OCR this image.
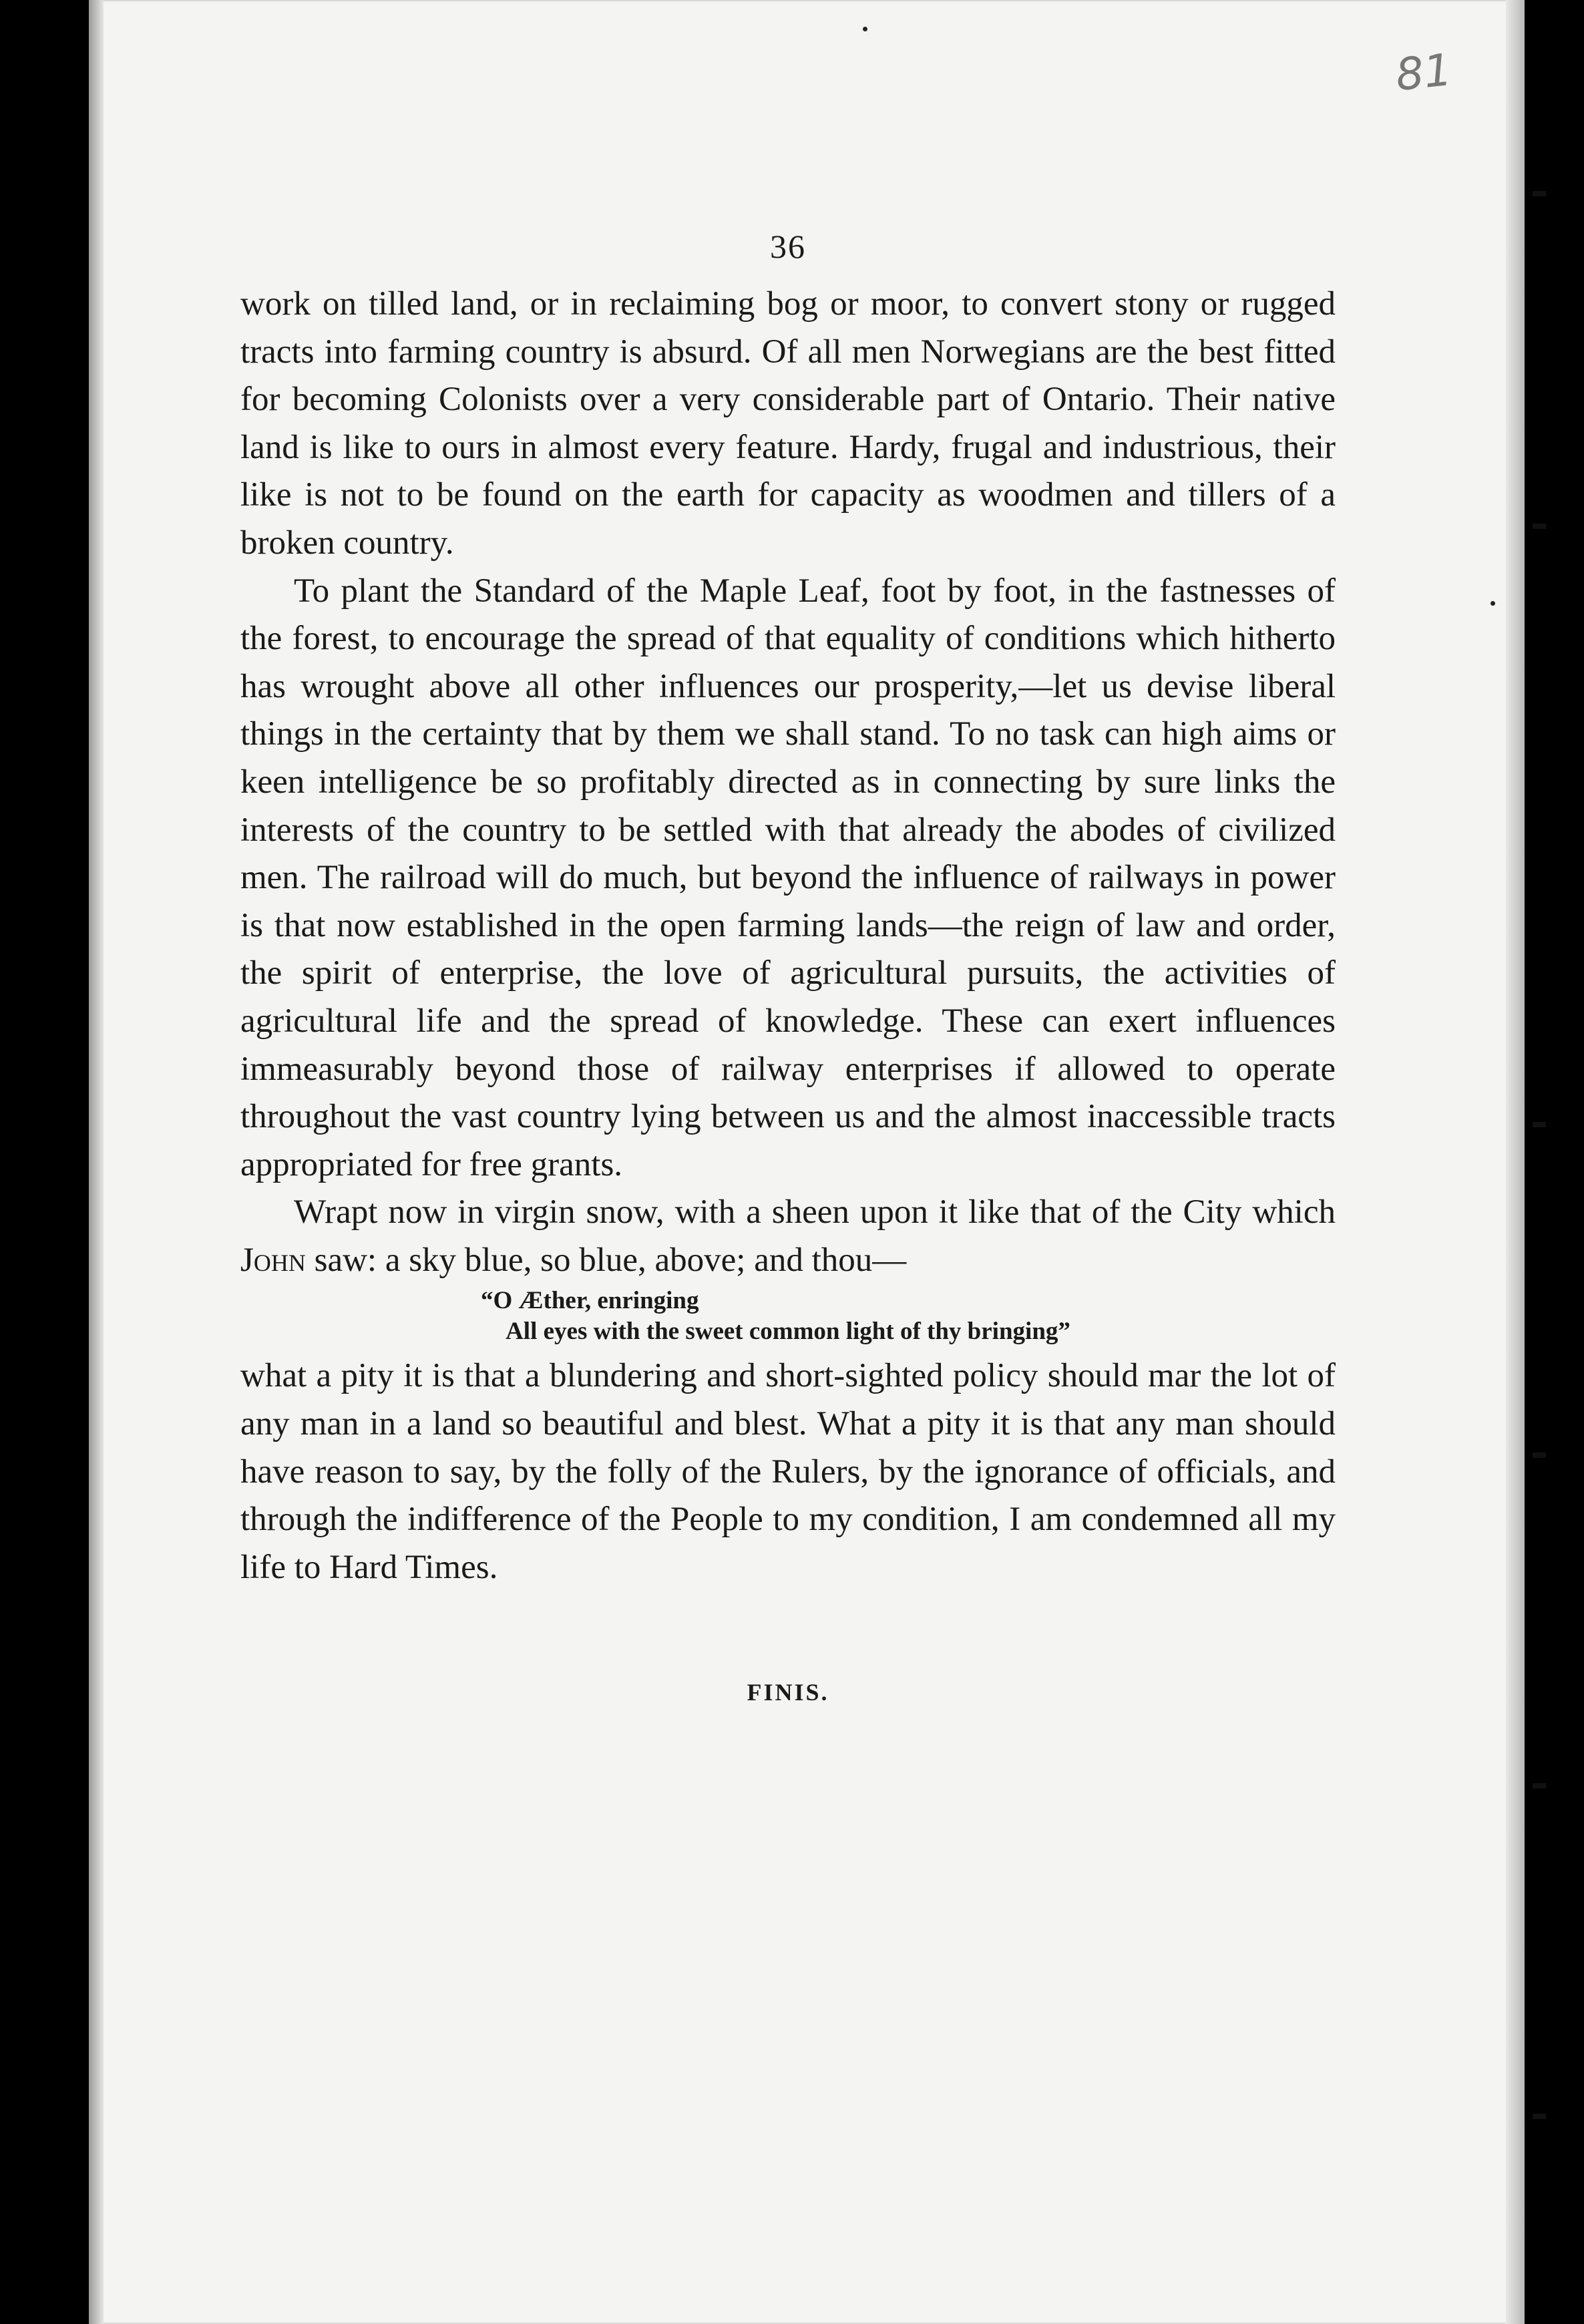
81
36

work on tilled land, or in reclaiming bog or moor, to convert stony or rugged tracts into farming country is absurd. Of all men Norwegians are the best fitted for becoming Colonists over a very considerable part of Ontario. Their native land is like to ours in almost every feature. Hardy, frugal and industrious, their like is not to be found on the earth for capacity as woodmen and tillers of a broken country.

To plant the Standard of the Maple Leaf, foot by foot, in the fastnesses of the forest, to encourage the spread of that equality of conditions which hitherto has wrought above all other influences our prosperity,—let us devise liberal things in the certainty that by them we shall stand. To no task can high aims or keen intelligence be so profitably directed as in connecting by sure links the interests of the country to be settled with that already the abodes of civilized men. The railroad will do much, but beyond the influence of railways in power is that now established in the open farming lands—the reign of law and order, the spirit of enterprise, the love of agricultural pursuits, the activities of agricultural life and the spread of knowledge. These can exert influences immeasurably beyond those of railway enterprises if allowed to operate throughout the vast country lying between us and the almost inaccessible tracts appropriated for free grants.

Wrapt now in virgin snow, with a sheen upon it like that of the City which John saw: a sky blue, so blue, above; and thou—

“O Æther, enringing
All eyes with the sweet common light of thy bringing”

what a pity it is that a blundering and short-sighted policy should mar the lot of any man in a land so beautiful and blest. What a pity it is that any man should have reason to say, by the folly of the Rulers, by the ignorance of officials, and through the indifference of the People to my condition, I am condemned all my life to Hard Times.

FINIS.
